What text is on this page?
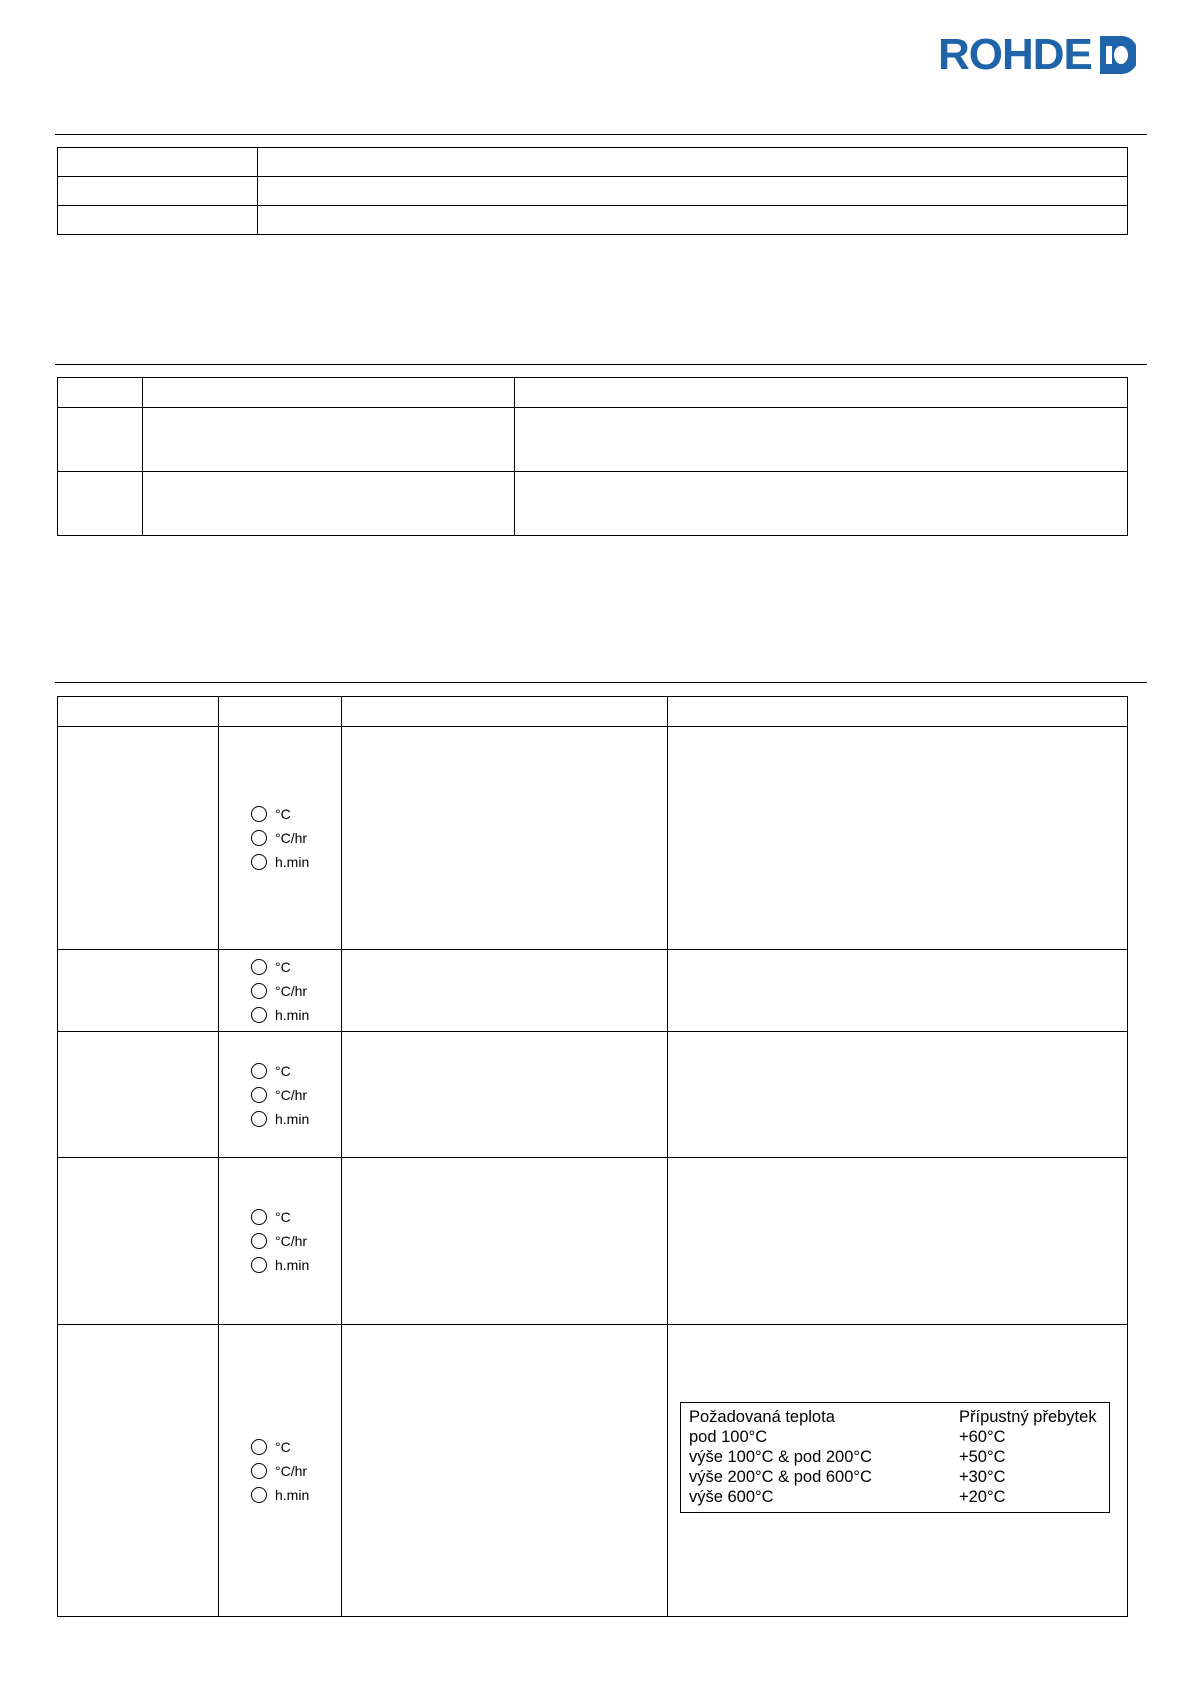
ROHDE

	°C
°C/hr
h.min		

	°C
°C/hr
h.min		

	°C
°C/hr
h.min		

	°C
°C/hr
h.min		

	°C
°C/hr
h.min		

Požadovaná teplota	Přípustný přebytek
pod 100°C	+60°C
výše 100°C & pod 200°C	+50°C
výše 200°C & pod 600°C	+30°C
výše 600°C	+20°C
